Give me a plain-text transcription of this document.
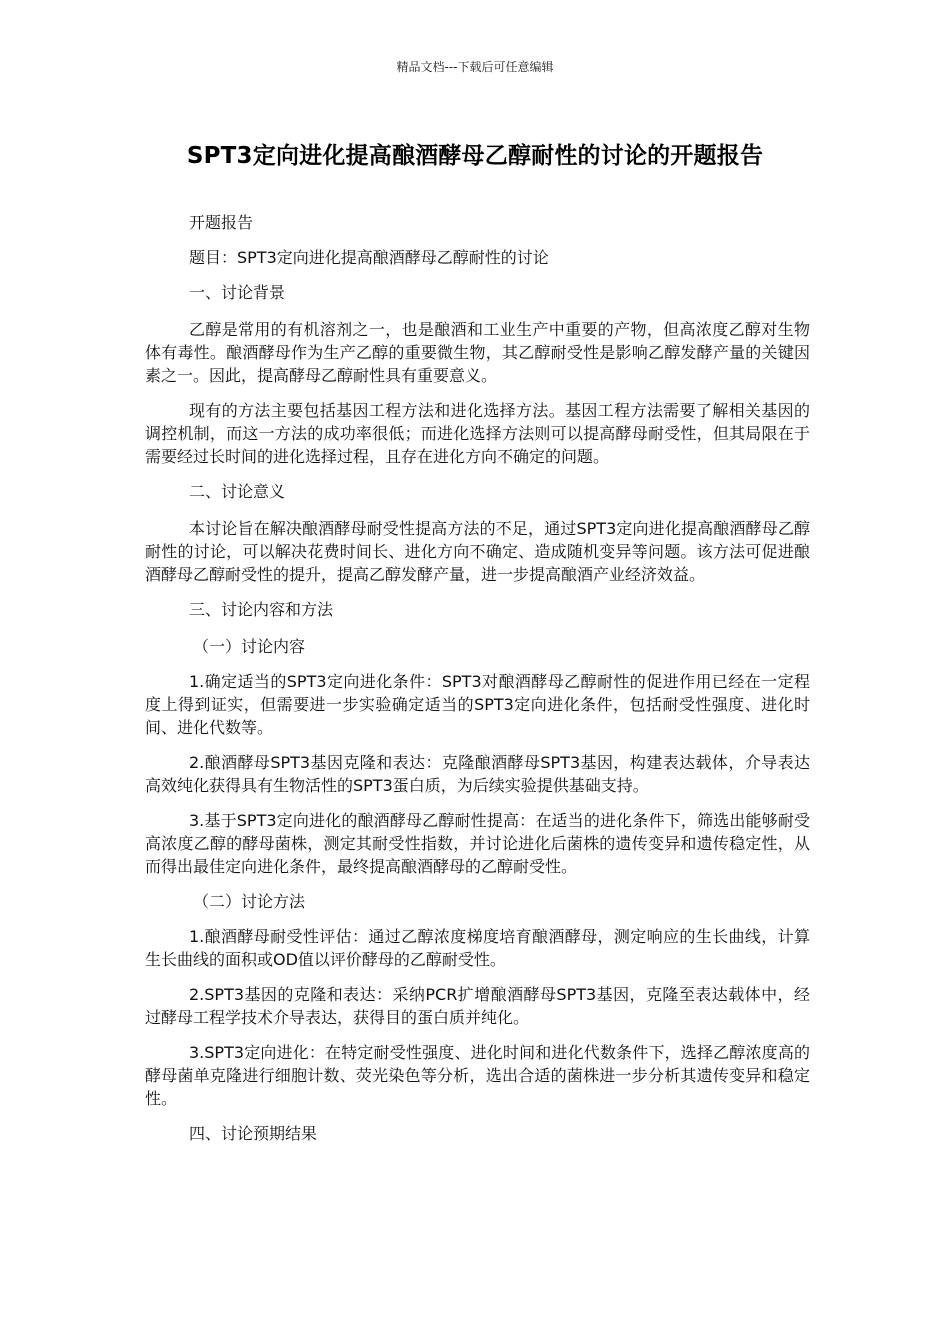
精品文档---下载后可任意编辑
SPT3定向进化提高酿酒酵母乙醇耐性的讨论的开题报告

开题报告

题目：SPT3定向进化提高酿酒酵母乙醇耐性的讨论

一、讨论背景

乙醇是常用的有机溶剂之一，也是酿酒和工业生产中重要的产物，但高浓度乙醇对生物体有毒性。酿酒酵母作为生产乙醇的重要微生物，其乙醇耐受性是影响乙醇发酵产量的关键因素之一。因此，提高酵母乙醇耐性具有重要意义。

现有的方法主要包括基因工程方法和进化选择方法。基因工程方法需要了解相关基因的调控机制，而这一方法的成功率很低；而进化选择方法则可以提高酵母耐受性，但其局限在于需要经过长时间的进化选择过程，且存在进化方向不确定的问题。

二、讨论意义

本讨论旨在解决酿酒酵母耐受性提高方法的不足，通过SPT3定向进化提高酿酒酵母乙醇耐性的讨论，可以解决花费时间长、进化方向不确定、造成随机变异等问题。该方法可促进酿酒酵母乙醇耐受性的提升，提高乙醇发酵产量，进一步提高酿酒产业经济效益。

三、讨论内容和方法

（一）讨论内容

1.确定适当的SPT3定向进化条件：SPT3对酿酒酵母乙醇耐性的促进作用已经在一定程度上得到证实，但需要进一步实验确定适当的SPT3定向进化条件，包括耐受性强度、进化时间、进化代数等。

2.酿酒酵母SPT3基因克隆和表达：克隆酿酒酵母SPT3基因，构建表达载体，介导表达高效纯化获得具有生物活性的SPT3蛋白质，为后续实验提供基础支持。

3.基于SPT3定向进化的酿酒酵母乙醇耐性提高：在适当的进化条件下，筛选出能够耐受高浓度乙醇的酵母菌株，测定其耐受性指数，并讨论进化后菌株的遗传变异和遗传稳定性，从而得出最佳定向进化条件，最终提高酿酒酵母的乙醇耐受性。

（二）讨论方法

1.酿酒酵母耐受性评估：通过乙醇浓度梯度培育酿酒酵母，测定响应的生长曲线，计算生长曲线的面积或OD值以评价酵母的乙醇耐受性。

2.SPT3基因的克隆和表达：采纳PCR扩增酿酒酵母SPT3基因，克隆至表达载体中，经过酵母工程学技术介导表达，获得目的蛋白质并纯化。

3.SPT3定向进化：在特定耐受性强度、进化时间和进化代数条件下，选择乙醇浓度高的酵母菌单克隆进行细胞计数、荧光染色等分析，选出合适的菌株进一步分析其遗传变异和稳定性。

四、讨论预期结果
